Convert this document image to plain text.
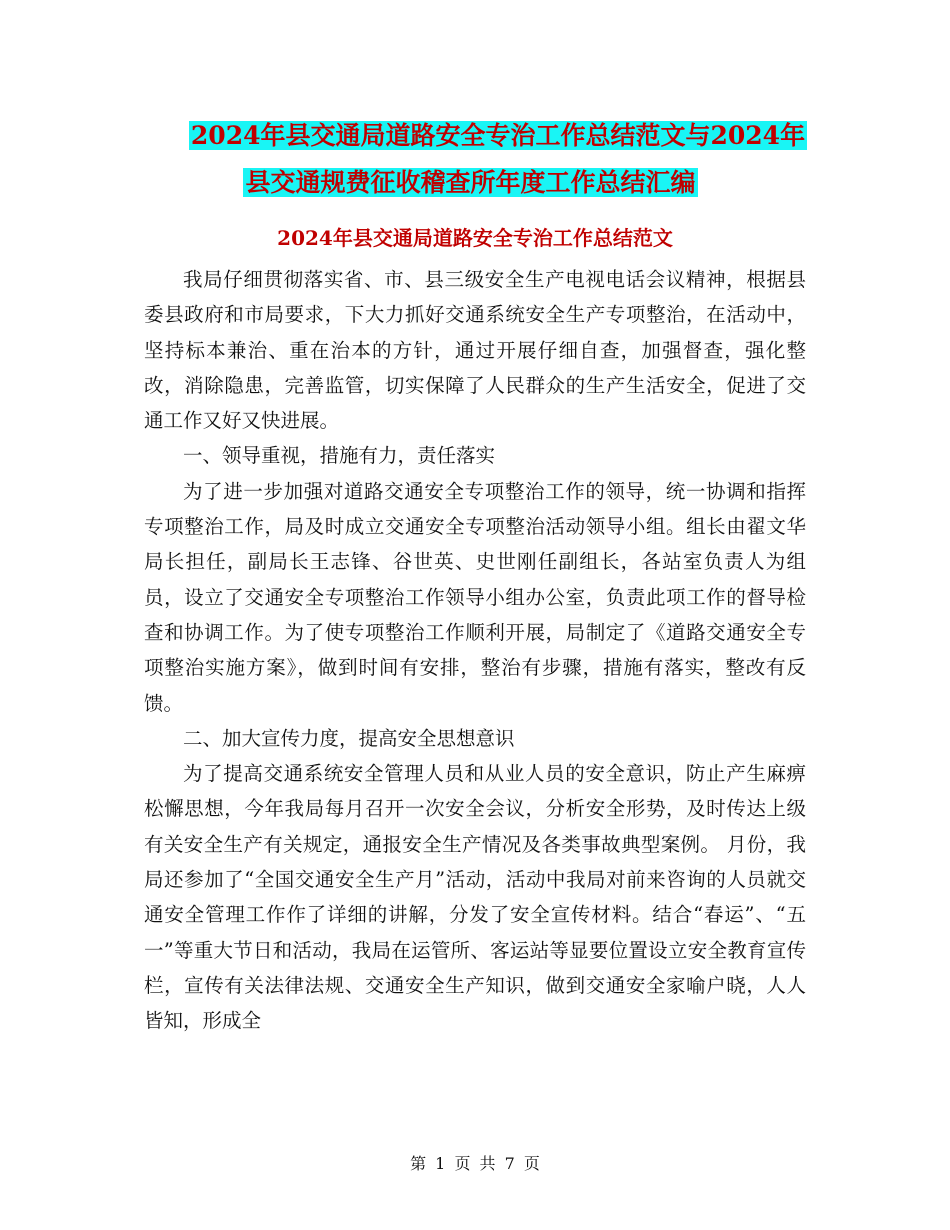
2024年县交通局道路安全专治工作总结范文与2024年
县交通规费征收稽查所年度工作总结汇编
2024年县交通局道路安全专治工作总结范文

我局仔细贯彻落实省、市、县三级安全生产电视电话会议精神，根据县委县政府和市局要求，下大力抓好交通系统安全生产专项整治，在活动中，坚持标本兼治、重在治本的方针，通过开展仔细自查，加强督查，强化整改，消除隐患，完善监管，切实保障了人民群众的生产生活安全，促进了交通工作又好又快进展。

一、领导重视，措施有力，责任落实

为了进一步加强对道路交通安全专项整治工作的领导，统一协调和指挥专项整治工作，局及时成立交通安全专项整治活动领导小组。组长由翟文华局长担任，副局长王志锋、谷世英、史世刚任副组长，各站室负责人为组员，设立了交通安全专项整治工作领导小组办公室，负责此项工作的督导检查和协调工作。为了使专项整治工作顺利开展，局制定了《道路交通安全专项整治实施方案》，做到时间有安排，整治有步骤，措施有落实，整改有反馈。

二、加大宣传力度，提高安全思想意识

为了提高交通系统安全管理人员和从业人员的安全意识，防止产生麻痹松懈思想，今年我局每月召开一次安全会议，分析安全形势，及时传达上级有关安全生产有关规定，通报安全生产情况及各类事故典型案例。 月份，我局还参加了“全国交通安全生产月”活动，活动中我局对前来咨询的人员就交通安全管理工作作了详细的讲解，分发了安全宣传材料。结合“春运”、“五一”等重大节日和活动，我局在运管所、客运站等显要位置设立安全教育宣传栏，宣传有关法律法规、交通安全生产知识，做到交通安全家喻户晓，人人皆知，形成全

第 1 页 共 7 页
